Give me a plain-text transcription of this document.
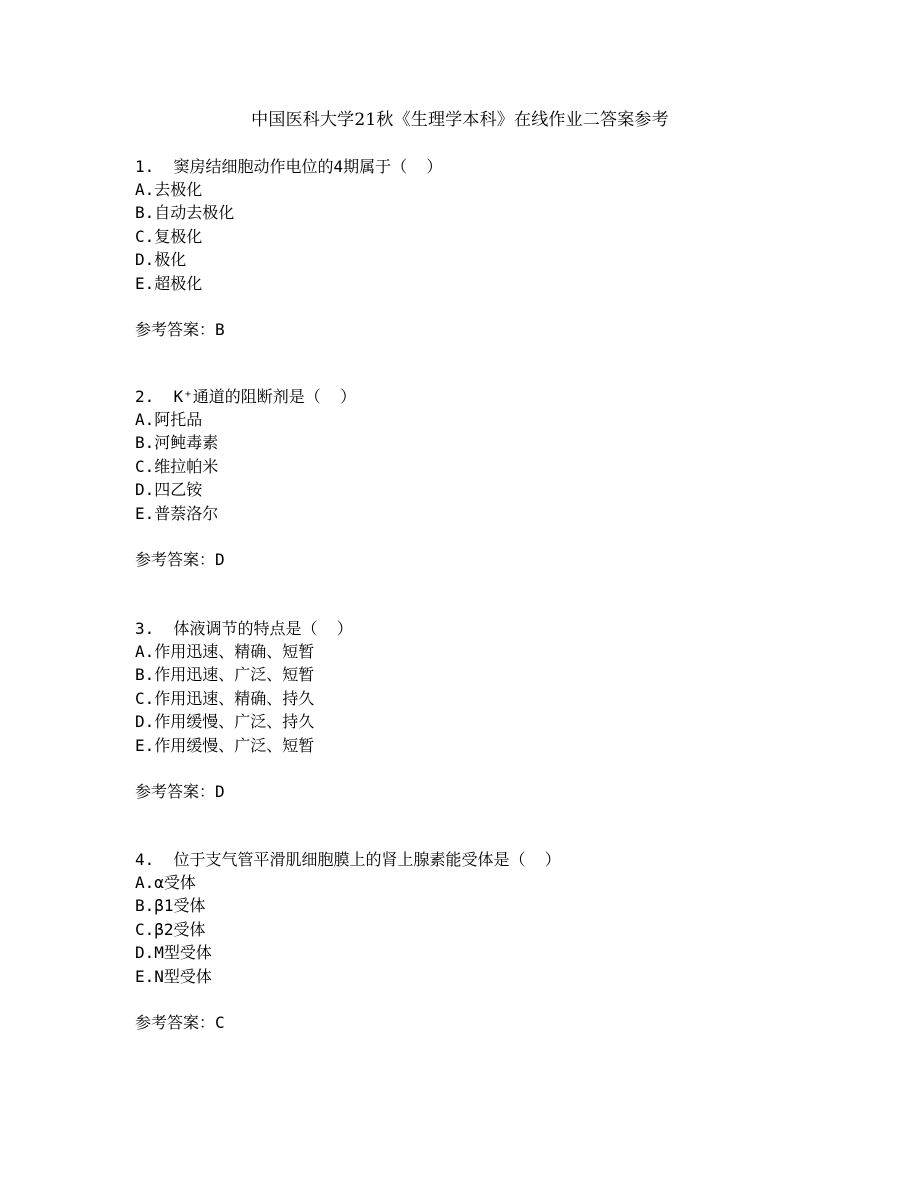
中国医科大学21秋《生理学本科》在线作业二答案参考
1.  窦房结细胞动作电位的4期属于（  ）
A.去极化
B.自动去极化
C.复极化
D.极化
E.超极化
参考答案：B
2.  K⁺通道的阻断剂是（  ）
A.阿托品
B.河鲀毒素
C.维拉帕米
D.四乙铵
E.普萘洛尔
参考答案：D
3.  体液调节的特点是（  ）
A.作用迅速、精确、短暂
B.作用迅速、广泛、短暂
C.作用迅速、精确、持久
D.作用缓慢、广泛、持久
E.作用缓慢、广泛、短暂
参考答案：D
4.  位于支气管平滑肌细胞膜上的肾上腺素能受体是（  ）
A.α受体
B.β1受体
C.β2受体
D.M型受体
E.N型受体
参考答案：C
